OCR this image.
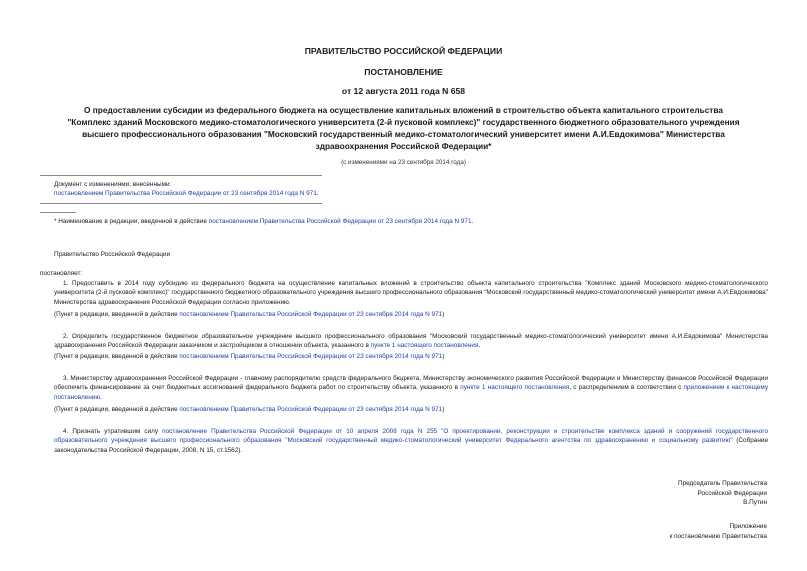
ПРАВИТЕЛЬСТВО РОССИЙСКОЙ ФЕДЕРАЦИИ
ПОСТАНОВЛЕНИЕ
от 12 августа 2011 года N 658
О предоставлении субсидии из федерального бюджета на осуществление капитальных вложений в строительство объекта капитального строительства
"Комплекс зданий Московского медико-стоматологического университета (2-й пусковой комплекс)" государственного бюджетного образовательного учреждения
высшего профессионального образования "Московский государственный медико-стоматологический университет имени А.И.Евдокимова" Министерства
здравоохранения Российской Федерации*
(с изменениями на 23 сентября 2014 года)
Документ с изменениями, внесенными:
постановлением Правительства Российской Федерации от 23 сентября 2014 года N 971.
* Наименование в редакции, введенной в действие постановлением Правительства Российской Федерации от 23 сентября 2014 года N 971.
Правительство Российской Федерации
постановляет:
1. Предоставить в 2014 году субсидию из федерального бюджета на осуществление капитальных вложений в строительство объекта капитального строительства "Комплекс зданий Московского медико-стоматологического университета (2-й пусковой комплекс)" государственного бюджетного образовательного учреждения высшего профессионального образования "Московский государственный медико-стоматологический университет имени А.И.Евдокимова" Министерства здравоохранения Российской Федерации согласно приложению.
(Пункт в редакции, введенной в действие постановлением Правительства Российской Федерации от 23 сентября 2014 года N 971)
2. Определить государственное бюджетное образовательное учреждение высшего профессионального образования "Московский государственный медико-стоматологический университет имени А.И.Евдокимова" Министерства здравоохранения Российской Федерации заказчиком и застройщиком в отношении объекта, указанного в пункте 1 настоящего постановления.
(Пункт в редакции, введенной в действие постановлением Правительства Российской Федерации от 23 сентября 2014 года N 971)
3. Министерству здравоохранения Российской Федерации - главному распорядителю средств федерального бюджета, Министерству экономического развития Российской Федерации и Министерству финансов Российской Федерации обеспечить финансирование за счет бюджетных ассигнований федерального бюджета работ по строительству объекта, указанного в пункте 1 настоящего постановления, с распределением в соответствии с приложением к настоящему постановлению.
(Пункт в редакции, введенной в действие постановлением Правительства Российской Федерации от 23 сентября 2014 года N 971)
4. Признать утратившим силу постановление Правительства Российской Федерации от 10 апреля 2008 года N 255 "О проектировании, реконструкции и строительстве комплекса зданий и сооружений государственного образовательного учреждения высшего профессионального образования "Московский государственный медико-стоматологический университет Федерального агентства по здравоохранению и социальному развитию" (Собрание законодательства Российской Федерации, 2008, N 15, ст.1562).
Председатель Правительства
Российской Федерации
В.Путин
Приложение
к постановлению Правительства
